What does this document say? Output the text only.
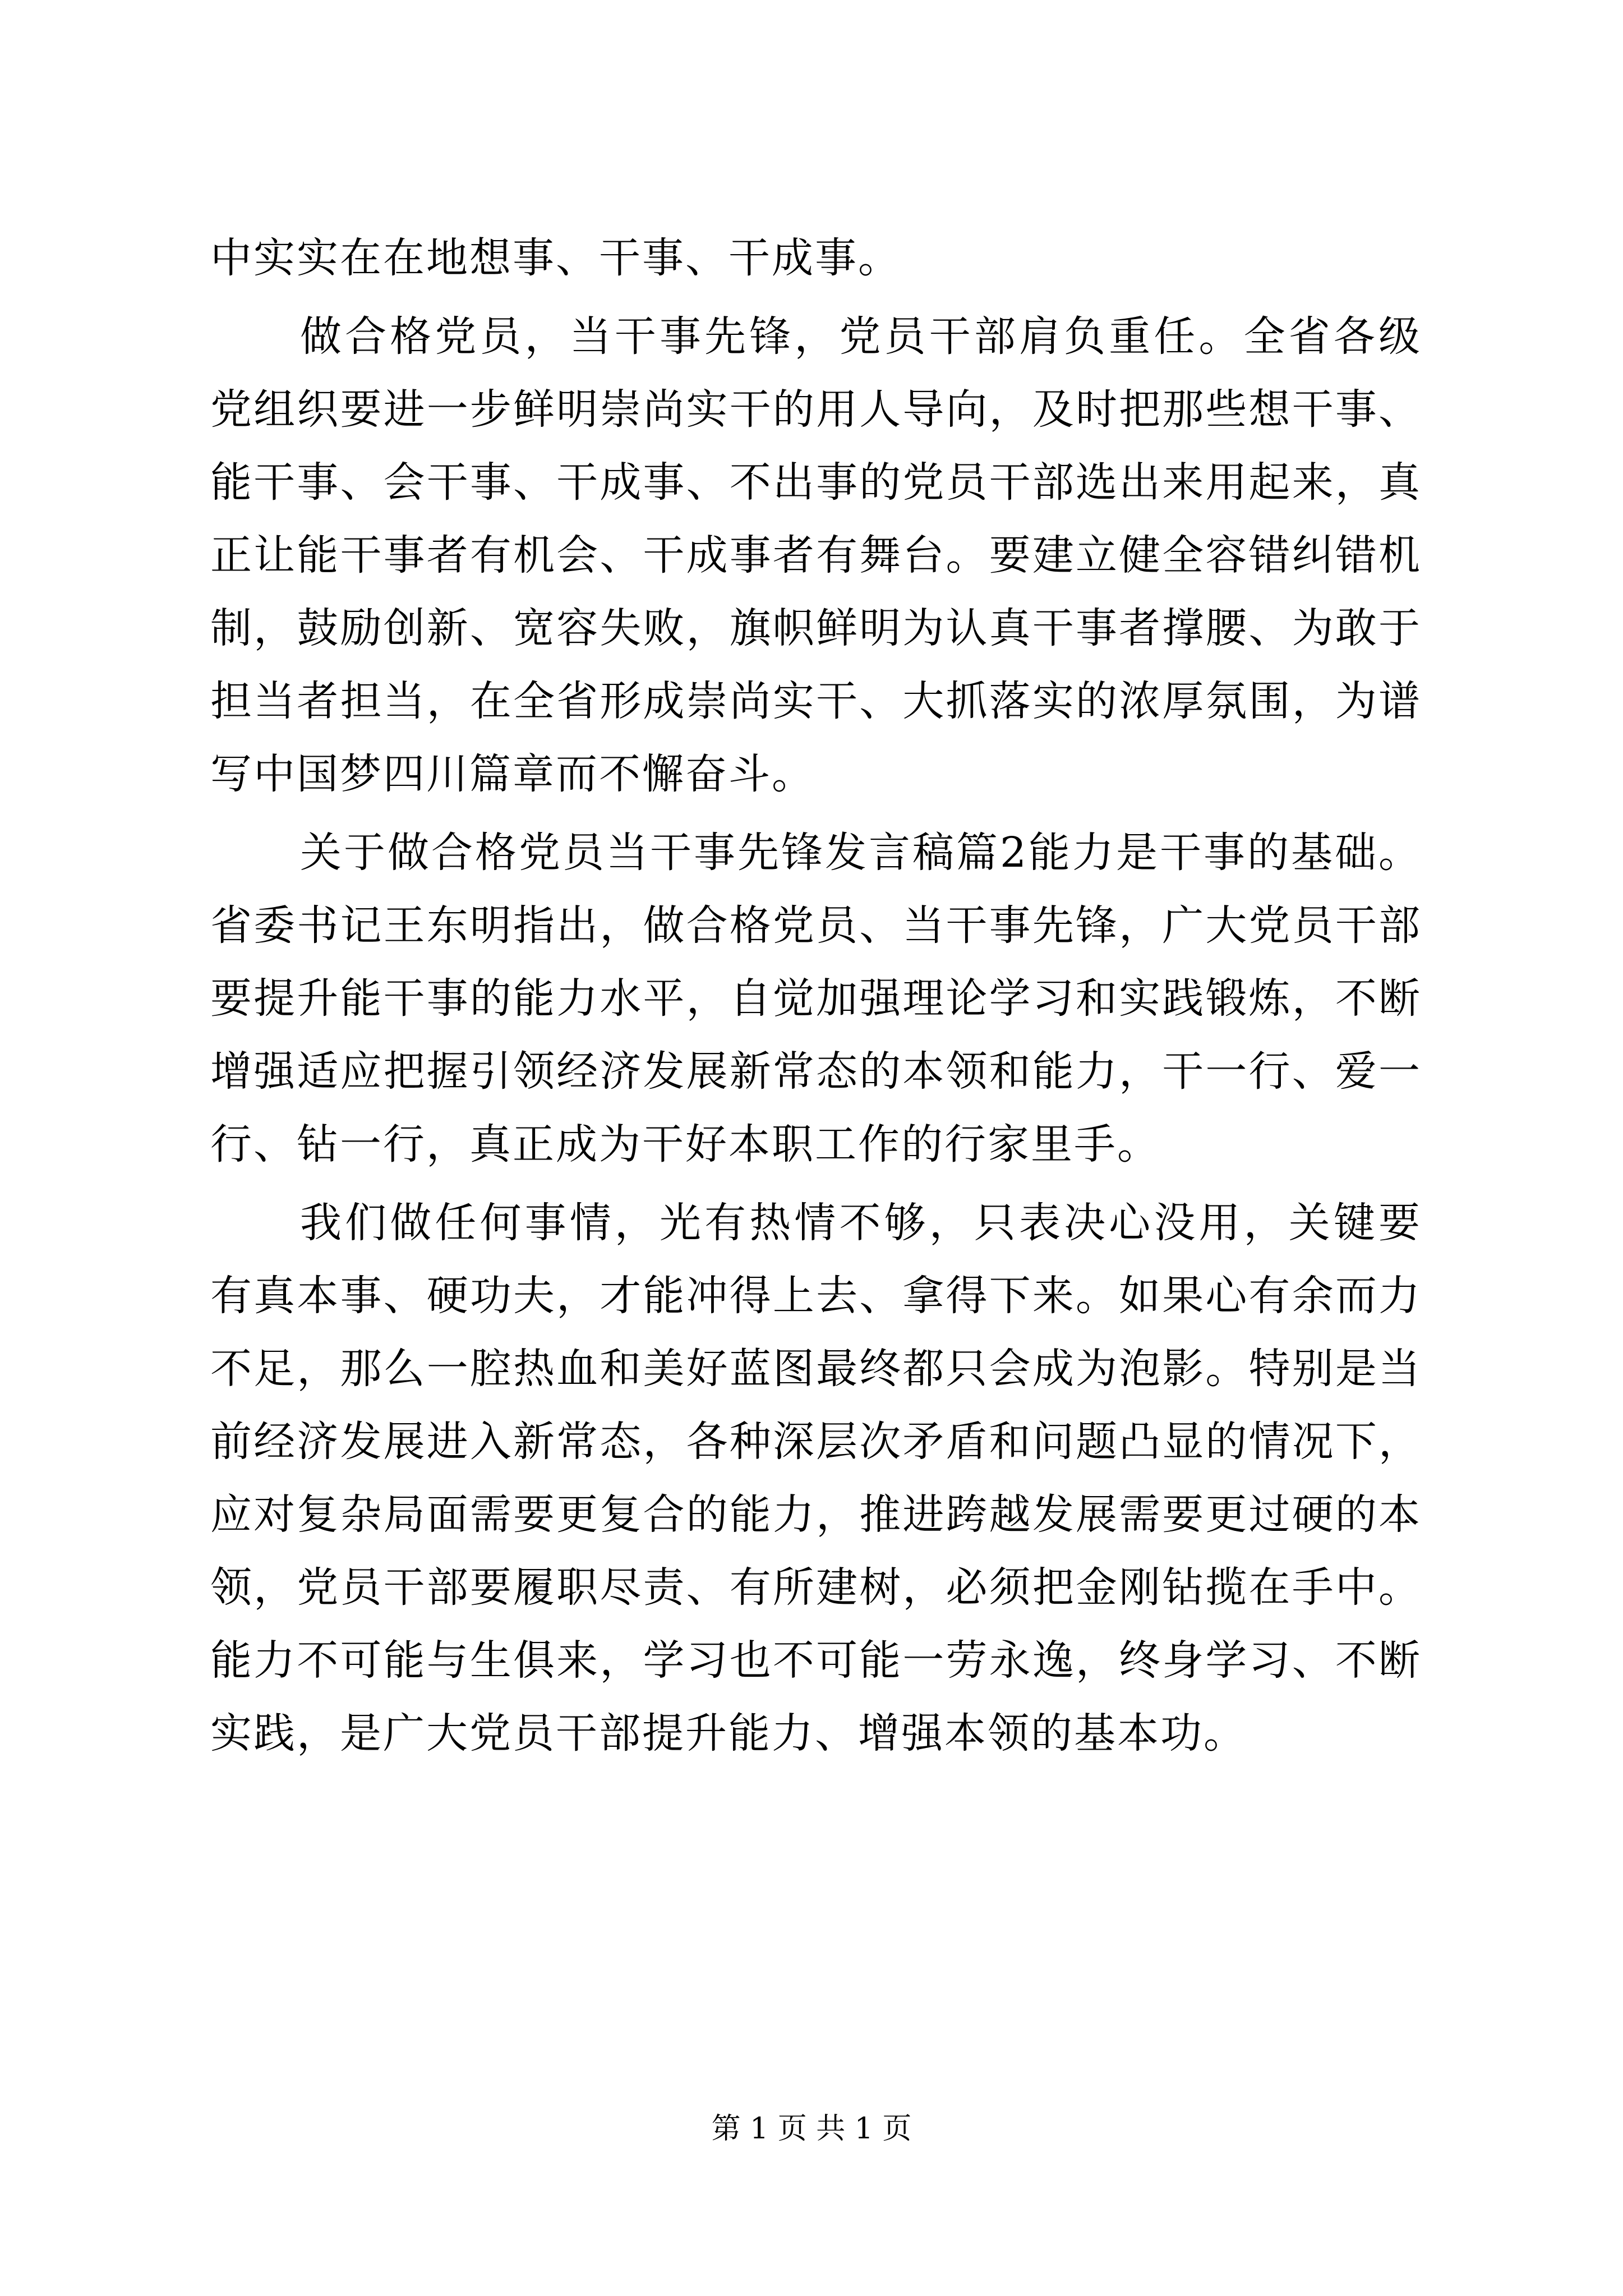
中实实在在地想事、干事、干成事。

做合格党员，当干事先锋，党员干部肩负重任。全省各级党组织要进一步鲜明崇尚实干的用人导向，及时把那些想干事、能干事、会干事、干成事、不出事的党员干部选出来用起来，真正让能干事者有机会、干成事者有舞台。要建立健全容错纠错机制，鼓励创新、宽容失败，旗帜鲜明为认真干事者撑腰、为敢于担当者担当，在全省形成崇尚实干、大抓落实的浓厚氛围，为谱写中国梦四川篇章而不懈奋斗。

关于做合格党员当干事先锋发言稿篇2能力是干事的基础。省委书记王东明指出，做合格党员、当干事先锋，广大党员干部要提升能干事的能力水平，自觉加强理论学习和实践锻炼，不断增强适应把握引领经济发展新常态的本领和能力，干一行、爱一行、钻一行，真正成为干好本职工作的行家里手。

我们做任何事情，光有热情不够，只表决心没用，关键要有真本事、硬功夫，才能冲得上去、拿得下来。如果心有余而力不足，那么一腔热血和美好蓝图最终都只会成为泡影。特别是当前经济发展进入新常态，各种深层次矛盾和问题凸显的情况下，应对复杂局面需要更复合的能力，推进跨越发展需要更过硬的本领，党员干部要履职尽责、有所建树，必须把金刚钻揽在手中。能力不可能与生俱来，学习也不可能一劳永逸，终身学习、不断实践，是广大党员干部提升能力、增强本领的基本功。

第 1 页 共 1 页
